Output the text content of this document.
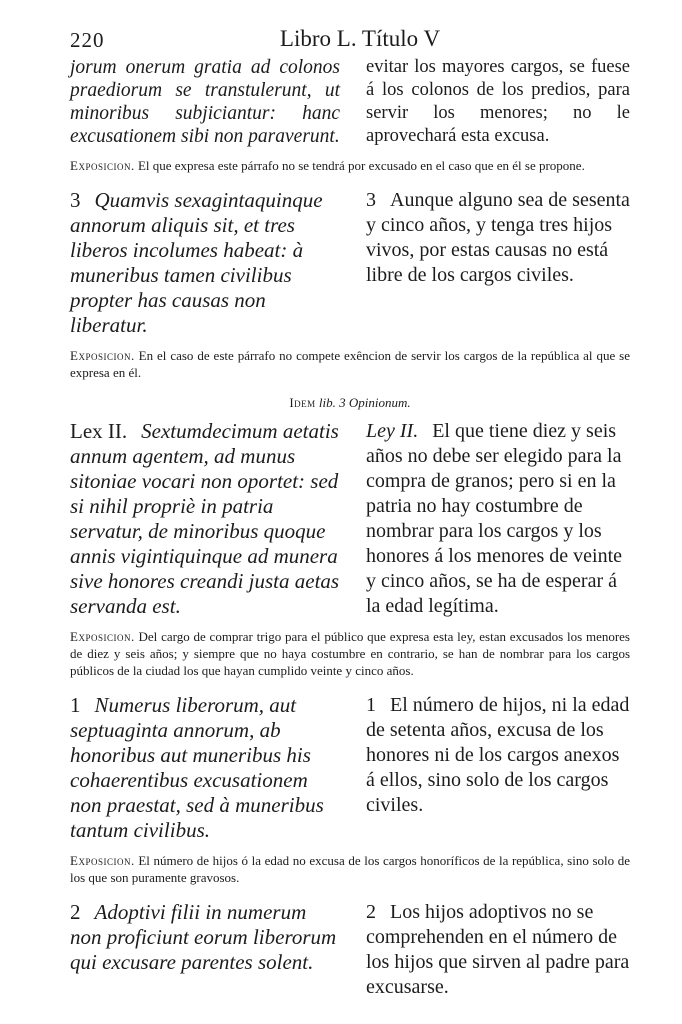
220	Libro L. Título V
jorum onerum gratia ad colonos praediorum se transtulerunt, ut minoribus subjiciantur: hanc excusationem sibi non paraverunt.
evitar los mayores cargos, se fuese á los colonos de los predios, para servir los menores; no le aprovechará esta excusa.
Exposicion. El que expresa este párrafo no se tendrá por excusado en el caso que en él se propone.
3 Quamvis sexagintaquinque annorum aliquis sit, et tres liberos incolumes habeat: à muneribus tamen civilibus propter has causas non liberatur.
3 Aunque alguno sea de sesenta y cinco años, y tenga tres hijos vivos, por estas causas no está libre de los cargos civiles.
Exposicion. En el caso de este párrafo no compete exêncion de servir los cargos de la república al que se expresa en él.
Idem lib. 3 Opinionum.
Lex II. Sextumdecimum aetatis annum agentem, ad munus sitoniae vocari non oportet: sed si nihil propriè in patria servatur, de minoribus quoque annis vigintiquinque ad munera sive honores creandi justa aetas servanda est.
Ley II. El que tiene diez y seis años no debe ser elegido para la compra de granos; pero si en la patria no hay costumbre de nombrar para los cargos y los honores á los menores de veinte y cinco años, se ha de esperar á la edad legítima.
Exposicion. Del cargo de comprar trigo para el público que expresa esta ley, estan excusados los menores de diez y seis años; y siempre que no haya costumbre en contrario, se han de nombrar para los cargos públicos de la ciudad los que hayan cumplido veinte y cinco años.
1 Numerus liberorum, aut septuaginta annorum, ab honoribus aut muneribus his cohaerentibus excusationem non praestat, sed à muneribus tantum civilibus.
1 El número de hijos, ni la edad de setenta años, excusa de los honores ni de los cargos anexos á ellos, sino solo de los cargos civiles.
Exposicion. El número de hijos ó la edad no excusa de los cargos honoríficos de la república, sino solo de los que son puramente gravosos.
2 Adoptivi filii in numerum non proficiunt eorum liberorum qui excusare parentes solent.
2 Los hijos adoptivos no se comprehenden en el número de los hijos que sirven al padre para excusarse.
